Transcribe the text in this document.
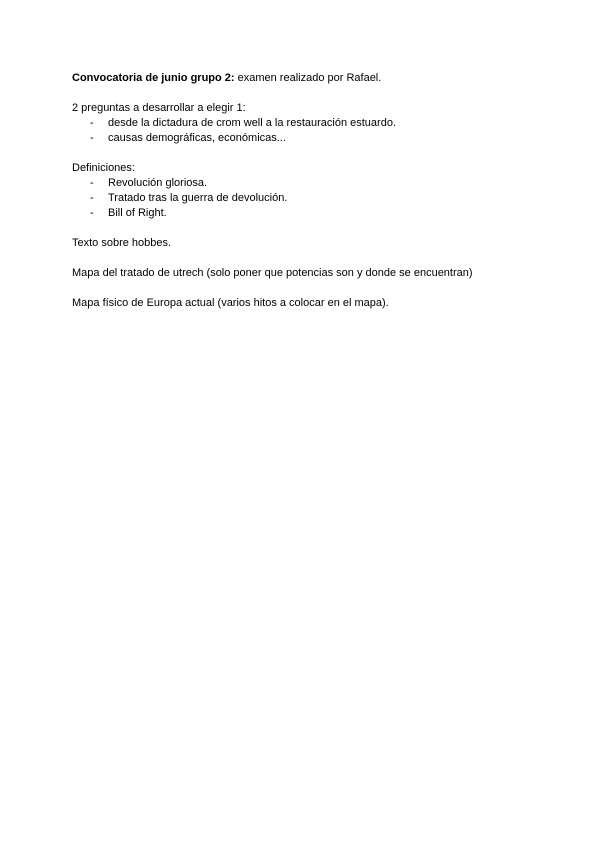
Convocatoria de junio grupo 2: examen realizado por Rafael.
2 preguntas a desarrollar a elegir 1:
- desde la dictadura de crom well a la restauración estuardo.
- causas demográficas, económicas...
Definiciones:
- Revolución gloriosa.
- Tratado tras la guerra de devolución.
- Bill of Right.
Texto sobre hobbes.
Mapa del tratado de utrech (solo poner que potencias son y donde se encuentran)
Mapa físico de Europa actual (varios hitos a colocar en el mapa).
